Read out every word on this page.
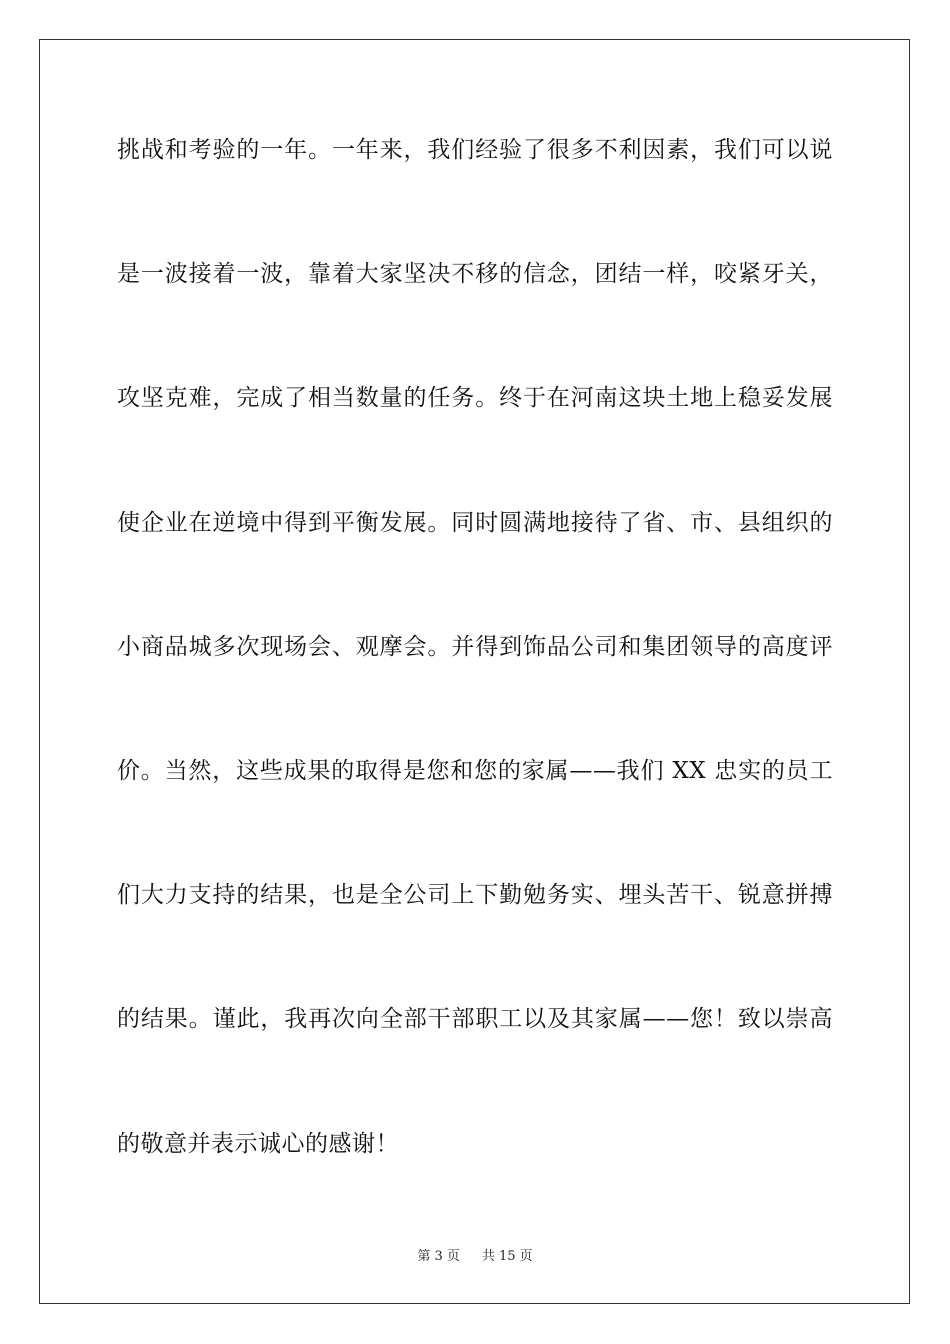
挑战和考验的一年。一年来，我们经验了很多不利因素，我们可以说
是一波接着一波，靠着大家坚决不移的信念，团结一样，咬紧牙关，
攻坚克难，完成了相当数量的任务。终于在河南这块土地上稳妥发展
使企业在逆境中得到平衡发展。同时圆满地接待了省、市、县组织的
小商品城多次现场会、观摩会。并得到饰品公司和集团领导的高度评
价。当然，这些成果的取得是您和您的家属——我们 XX 忠实的员工
们大力支持的结果，也是全公司上下勤勉务实、埋头苦干、锐意拼搏
的结果。谨此，我再次向全部干部职工以及其家属——您！致以崇高
的敬意并表示诚心的感谢！
第 3 页 共 15 页
